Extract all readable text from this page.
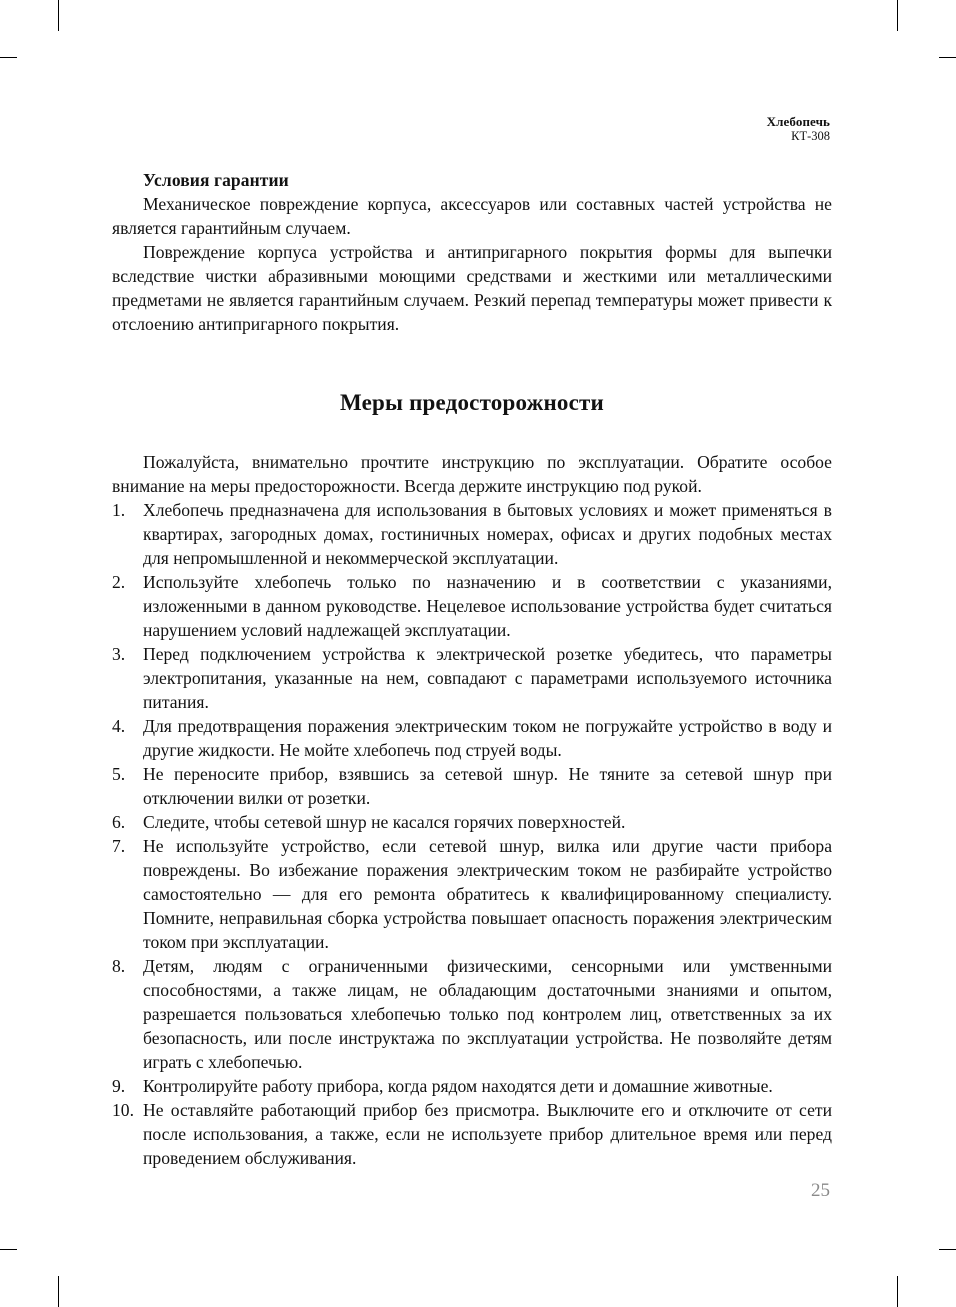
Хлебопечь
КТ-308
Условия гарантии

Механическое повреждение корпуса, аксессуаров или составных частей устройства не является гарантийным случаем.

Повреждение корпуса устройства и антипригарного покрытия формы для выпечки вследствие чистки абразивными моющими средствами и жесткими или металлическими предметами не является гарантийным случаем. Резкий перепад температуры может привести к отслоению антипригарного покрытия.

Меры предосторожности

Пожалуйста, внимательно прочтите инструкцию по эксплуатации. Обратите особое внимание на меры предосторожности. Всегда держите инструкцию под рукой.

1.	Хлебопечь предназначена для использования в бытовых условиях и может применяться в квартирах, загородных домах, гостиничных номерах, офисах и других подобных местах для непромышленной и некоммерческой эксплуатации.
2.	Используйте хлебопечь только по назначению и в соответствии с указаниями, изложенными в данном руководстве. Нецелевое использование устройства будет считаться нарушением условий надлежащей эксплуатации.
3.	Перед подключением устройства к электрической розетке убедитесь, что параметры электропитания, указанные на нем, совпадают с параметрами используемого источника питания.
4.	Для предотвращения поражения электрическим током не погружайте устройство в воду и другие жидкости. Не мойте хлебопечь под струей воды.
5.	Не переносите прибор, взявшись за сетевой шнур. Не тяните за сетевой шнур при отключении вилки от розетки.
6.	Следите, чтобы сетевой шнур не касался горячих поверхностей.
7.	Не используйте устройство, если сетевой шнур, вилка или другие части прибора повреждены. Во избежание поражения электрическим током не разбирайте устройство самостоятельно — для его ремонта обратитесь к квалифицированному специалисту. Помните, неправильная сборка устройства повышает опасность поражения электрическим током при эксплуатации.
8.	Детям, людям с ограниченными физическими, сенсорными или умственными способностями, а также лицам, не обладающим достаточными знаниями и опытом, разрешается пользоваться хлебопечью только под контролем лиц, ответственных за их безопасность, или после инструктажа по эксплуатации устройства. Не позволяйте детям играть с хлебопечью.
9.	Контролируйте работу прибора, когда рядом находятся дети и домашние животные.
10. Не оставляйте работающий прибор без присмотра. Выключите его и отключите от сети после использования, а также, если не используете прибор длительное время или перед проведением обслуживания.
25
